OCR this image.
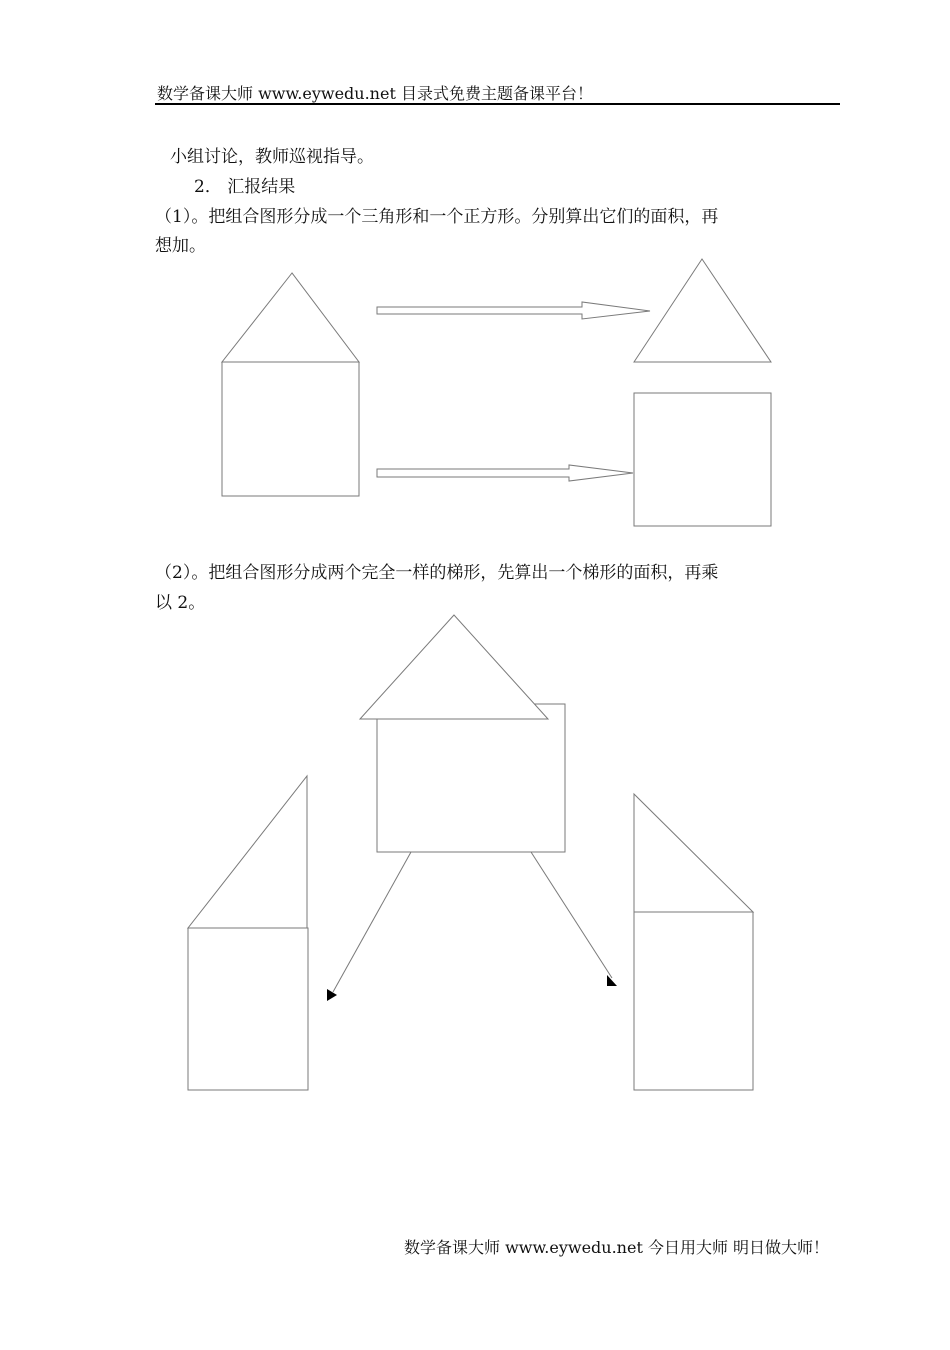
数学备课大师 www.eywedu.net 目录式免费主题备课平台！
小组讨论，教师巡视指导。
2． 汇报结果
（1）。把组合图形分成一个三角形和一个正方形。分别算出它们的面积，再
想加。
（2）。把组合图形分成两个完全一样的梯形，先算出一个梯形的面积，再乘
以 2。
数学备课大师 www.eywedu.net 今日用大师 明日做大师！
